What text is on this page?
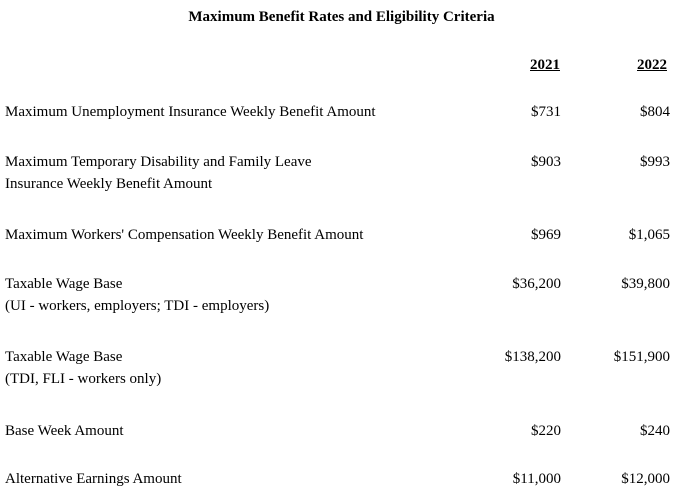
Maximum Benefit Rates and Eligibility Criteria
2021	2022
Maximum Unemployment Insurance Weekly Benefit Amount	$731	$804
Maximum Temporary Disability and Family Leave
Insurance Weekly Benefit Amount
$903	$993
Maximum Workers' Compensation Weekly Benefit Amount	$969	$1,065
Taxable Wage Base
(UI - workers, employers; TDI - employers)
$36,200	$39,800
Taxable Wage Base
(TDI, FLI - workers only)
$138,200	$151,900
Base Week Amount	$220	$240
Alternative Earnings Amount	$11,000	$12,000
